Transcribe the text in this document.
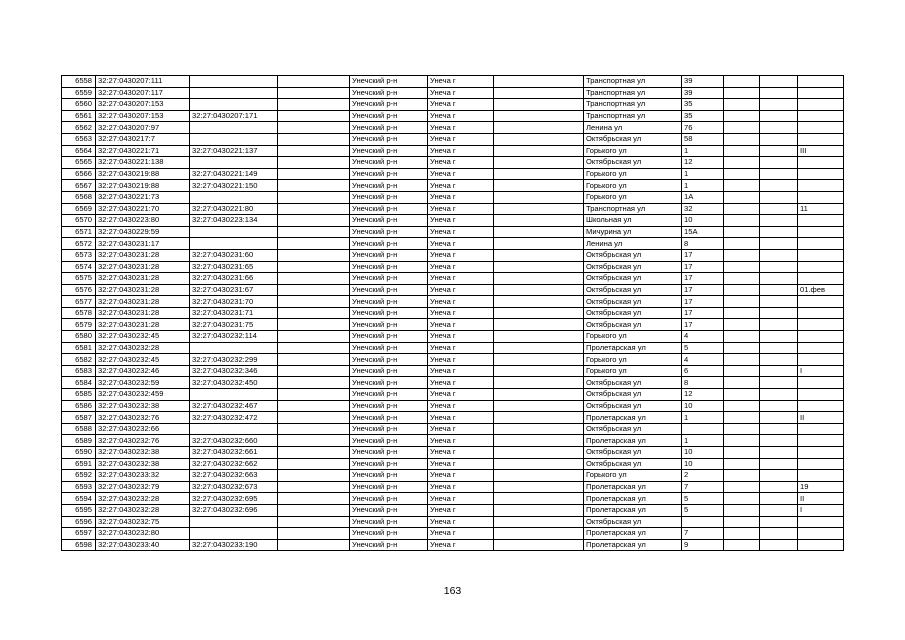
6558	32:27:0430207:111			Унечский р-н	Унеча г		Транспортная ул	39			
6559	32:27:0430207:117			Унечский р-н	Унеча г		Транспортная ул	39			
6560	32:27:0430207:153			Унечский р-н	Унеча г		Транспортная ул	35			
6561	32:27:0430207:153	32:27:0430207:171		Унечский р-н	Унеча г		Транспортная ул	35			
6562	32:27:0430207:97			Унечский р-н	Унеча г		Ленина ул	76			
6563	32:27:0430217:7			Унечский р-н	Унеча г		Октябрьская ул	58			
6564	32:27:0430221:71	32:27:0430221:137		Унечский р-н	Унеча г		Горького ул	1			III
6565	32:27:0430221:138			Унечский р-н	Унеча г		Октябрьская ул	12			
6566	32:27:0430219:88	32:27:0430221:149		Унечский р-н	Унеча г		Горького ул	1			
6567	32:27:0430219:88	32:27:0430221:150		Унечский р-н	Унеча г		Горького ул	1			
6568	32:27:0430221:73			Унечский р-н	Унеча г		Горького ул	1А			
6569	32:27:0430221:70	32:27:0430221:80		Унечский р-н	Унеча г		Транспортная ул	32			11
6570	32:27:0430223:80	32:27:0430223:134		Унечский р-н	Унеча г		Школьная ул	10			
6571	32:27:0430229:59			Унечский р-н	Унеча г		Мичурина ул	15А			
6572	32:27:0430231:17			Унечский р-н	Унеча г		Ленина ул	8			
6573	32:27:0430231:28	32:27:0430231:60		Унечский р-н	Унеча г		Октябрьская ул	17			
6574	32:27:0430231:28	32:27:0430231:65		Унечский р-н	Унеча г		Октябрьская ул	17			
6575	32:27:0430231:28	32:27:0430231:66		Унечский р-н	Унеча г		Октябрьская ул	17			
6576	32:27:0430231:28	32:27:0430231:67		Унечский р-н	Унеча г		Октябрьская ул	17			01.фев
6577	32:27:0430231:28	32:27:0430231:70		Унечский р-н	Унеча г		Октябрьская ул	17			
6578	32:27:0430231:28	32:27:0430231:71		Унечский р-н	Унеча г		Октябрьская ул	17			
6579	32:27:0430231:28	32:27:0430231:75		Унечский р-н	Унеча г		Октябрьская ул	17			
6580	32:27:0430232:45	32:27:0430232:114		Унечский р-н	Унеча г		Горького ул	4			
6581	32:27:0430232:28			Унечский р-н	Унеча г		Пролетарская ул	5			
6582	32:27:0430232:45	32:27:0430232:299		Унечский р-н	Унеча г		Горького ул	4			
6583	32:27:0430232:46	32:27:0430232:346		Унечский р-н	Унеча г		Горького ул	6			I
6584	32:27:0430232:59	32:27:0430232:450		Унечский р-н	Унеча г		Октябрьская ул	8			
6585	32:27:0430232:459			Унечский р-н	Унеча г		Октябрьская ул	12			
6586	32:27:0430232:38	32:27:0430232:467		Унечский р-н	Унеча г		Октябрьская ул	10			
6587	32:27:0430232:76	32:27:0430232:472		Унечский р-н	Унеча г		Пролетарская ул	1			II
6588	32:27:0430232:66			Унечский р-н	Унеча г		Октябрьская ул				
6589	32:27:0430232:76	32:27:0430232:660		Унечский р-н	Унеча г		Пролетарская ул	1			
6590	32:27:0430232:38	32:27:0430232:661		Унечский р-н	Унеча г		Октябрьская ул	10			
6591	32:27:0430232:38	32:27:0430232:662		Унечский р-н	Унеча г		Октябрьская ул	10			
6592	32:27:0430233:32	32:27:0430232:663		Унечский р-н	Унеча г		Горького ул	2			
6593	32:27:0430232:79	32:27:0430232:673		Унечский р-н	Унеча г		Пролетарская ул	7			19
6594	32:27:0430232:28	32:27:0430232:695		Унечский р-н	Унеча г		Пролетарская ул	5			II
6595	32:27:0430232:28	32:27:0430232:696		Унечский р-н	Унеча г		Пролетарская ул	5			I
6596	32:27:0430232:75			Унечский р-н	Унеча г		Октябрьская ул				
6597	32:27:0430232:80			Унечский р-н	Унеча г		Пролетарская ул	7			
6598	32:27:0430233:40	32:27:0430233:190		Унечский р-н	Унеча г		Пролетарская ул	9			
163
